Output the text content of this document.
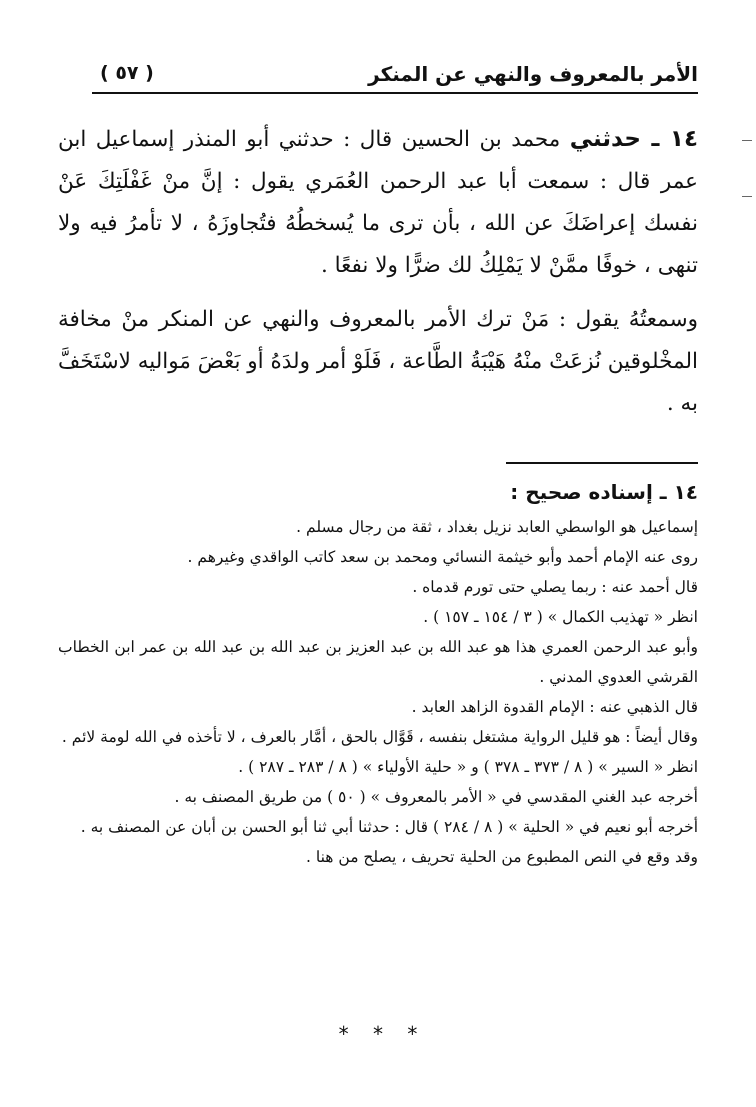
الأمر بالمعروف والنهي عن المنكر
( ٥٧ )

١٤ ـ حدثني محمد بن الحسين قال : حدثني أبو المنذر إسماعيل ابن عمر قال : سمعت أبا عبد الرحمن العُمَري يقول : إنَّ منْ غَفْلَتِكَ عَنْ نفسك إعراضَكَ عن الله ، بأن ترى ما يُسخطُهُ فتُجاوزَهُ ، لا تأمرُ فيه ولا تنهى ، خوفًا ممَّنْ لا يَمْلِكُ لك ضرًّا ولا نفعًا .

وسمعتُهُ يقول : مَنْ ترك الأمر بالمعروف والنهي عن المنكر منْ مخافة المخْلوقين نُزعَتْ منْهُ هَيْبَةُ الطَّاعة ، فَلَوْ أمر ولدَهُ أو بَعْضَ مَواليه لاسْتَخَفَّ به .

١٤ ـ إسناده صحيح :

إسماعيل هو الواسطي العابد نزيل بغداد ، ثقة من رجال مسلم .

روى عنه الإمام أحمد وأبو خيثمة النسائي ومحمد بن سعد كاتب الواقدي وغيرهم .

قال أحمد عنه : ربما يصلي حتى تورم قدماه .

انظر « تهذيب الكمال » ( ٣ / ١٥٤ ـ ١٥٧ ) .

وأبو عبد الرحمن العمري هذا هو عبد الله بن عبد العزيز بن عبد الله بن عبد الله بن عمر ابن الخطاب القرشي العدوي المدني .

قال الذهبي عنه : الإمام القدوة الزاهد العابد .

وقال أيضاً : هو قليل الرواية مشتغل بنفسه ، قَوَّال بالحق ، أمَّار بالعرف ، لا تأخذه في الله لومة لائم .

انظر « السير » ( ٨ / ٣٧٣ ـ ٣٧٨ ) و « حلية الأولياء » ( ٨ / ٢٨٣ ـ ٢٨٧ ) .

أخرجه عبد الغني المقدسي في « الأمر بالمعروف » ( ٥٠ ) من طريق المصنف به .

أخرجه أبو نعيم في « الحلية » ( ٨ / ٢٨٤ ) قال : حدثنا أبي ثنا أبو الحسن بن أبان عن المصنف به .

وقد وقع في النص المطبوع من الحلية تحريف ، يصلح من هنا .

* * *
